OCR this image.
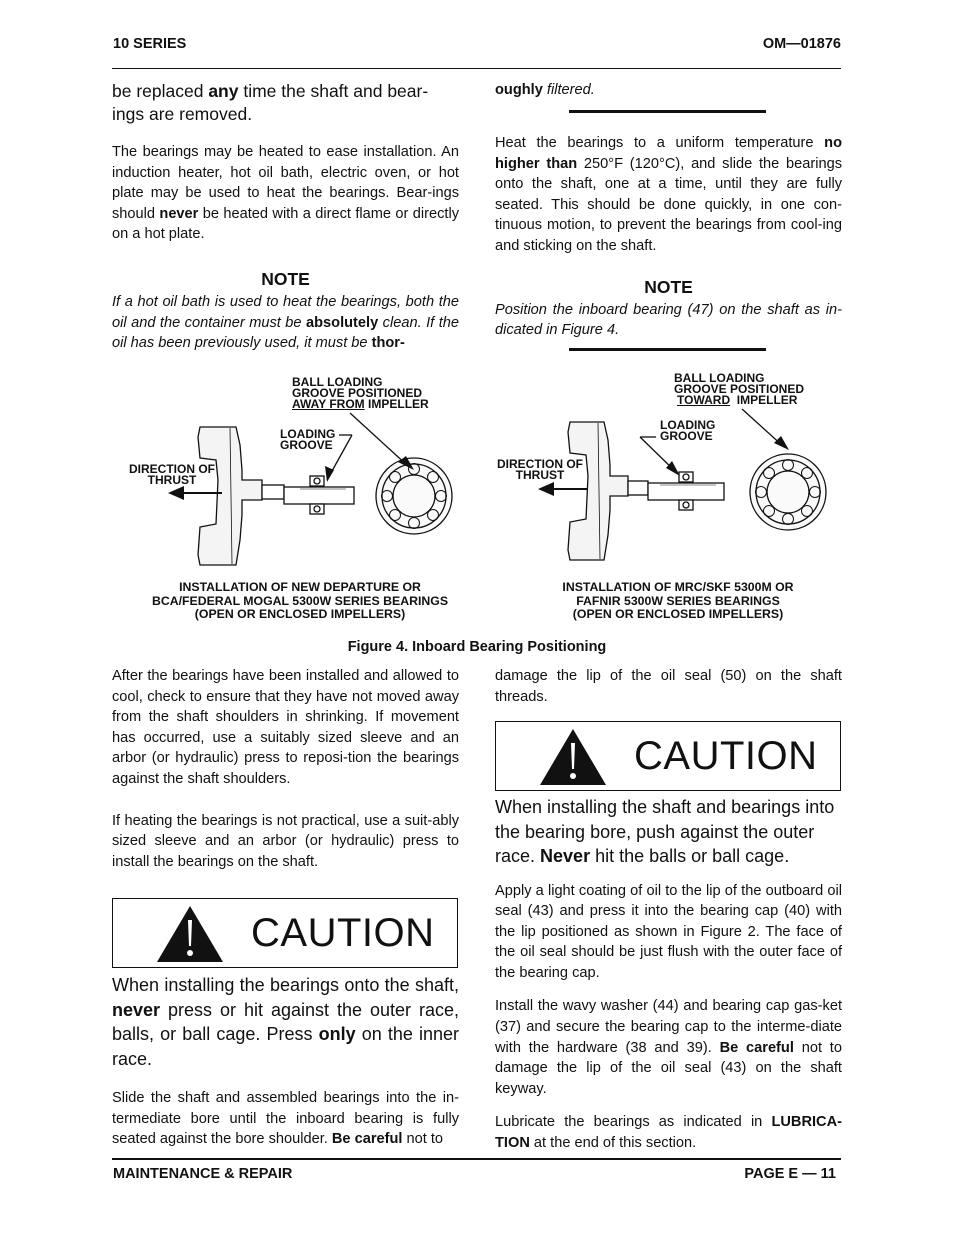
10 SERIES	OM—01876

be replaced any time the shaft and bear-ings are removed.

The bearings may be heated to ease installation. An induction heater, hot oil bath, electric oven, or hot plate may be used to heat the bearings. Bear-ings should never be heated with a direct flame or directly on a hot plate.

NOTE

If a hot oil bath is used to heat the bearings, both the oil and the container must be absolutely clean. If the oil has been previously used, it must be thor-

oughly filtered.

Heat the bearings to a uniform temperature no higher than 250°F (120°C), and slide the bearings onto the shaft, one at a time, until they are fully seated. This should be done quickly, in one con-tinuous motion, to prevent the bearings from cool-ing and sticking on the shaft.

NOTE

Position the inboard bearing (47) on the shaft as in-dicated in Figure 4.

BALL LOADING
GROOVE POSITIONED
AWAY FROM IMPELLER
LOADING
GROOVE
DIRECTION OF
THRUST
INSTALLATION OF NEW DEPARTURE OR
BCA/FEDERAL MOGAL 5300W SERIES BEARINGS
(OPEN OR ENCLOSED IMPELLERS)
BALL LOADING
GROOVE POSITIONED
TOWARD  IMPELLER
LOADING
GROOVE
DIRECTION OF
THRUST
INSTALLATION OF MRC/SKF 5300M OR
FAFNIR 5300W SERIES BEARINGS
(OPEN OR ENCLOSED IMPELLERS)
Figure 4. Inboard Bearing Positioning

After the bearings have been installed and allowed to cool, check to ensure that they have not moved away from the shaft shoulders in shrinking. If movement has occurred, use a suitably sized sleeve and an arbor (or hydraulic) press to reposi-tion the bearings against the shaft shoulders.

If heating the bearings is not practical, use a suit-ably sized sleeve and an arbor (or hydraulic) press to install the bearings on the shaft.

CAUTION

When installing the bearings onto the shaft, never press or hit against the outer race, balls, or ball cage. Press only on the inner race.

Slide the shaft and assembled bearings into the in-termediate bore until the inboard bearing is fully seated against the bore shoulder. Be careful not to

damage the lip of the oil seal (50) on the shaft threads.

CAUTION

When installing the shaft and bearings into the bearing bore, push against the outer race. Never hit the balls or ball cage.

Apply a light coating of oil to the lip of the outboard oil seal (43) and press it into the bearing cap (40) with the lip positioned as shown in Figure 2. The face of the oil seal should be just flush with the outer face of the bearing cap.

Install the wavy washer (44) and bearing cap gas-ket (37) and secure the bearing cap to the interme-diate with the hardware (38 and 39). Be careful not to damage the lip of the oil seal (43) on the shaft keyway.

Lubricate the bearings as indicated in LUBRICA-TION at the end of this section.

MAINTENANCE & REPAIR	PAGE E — 11
